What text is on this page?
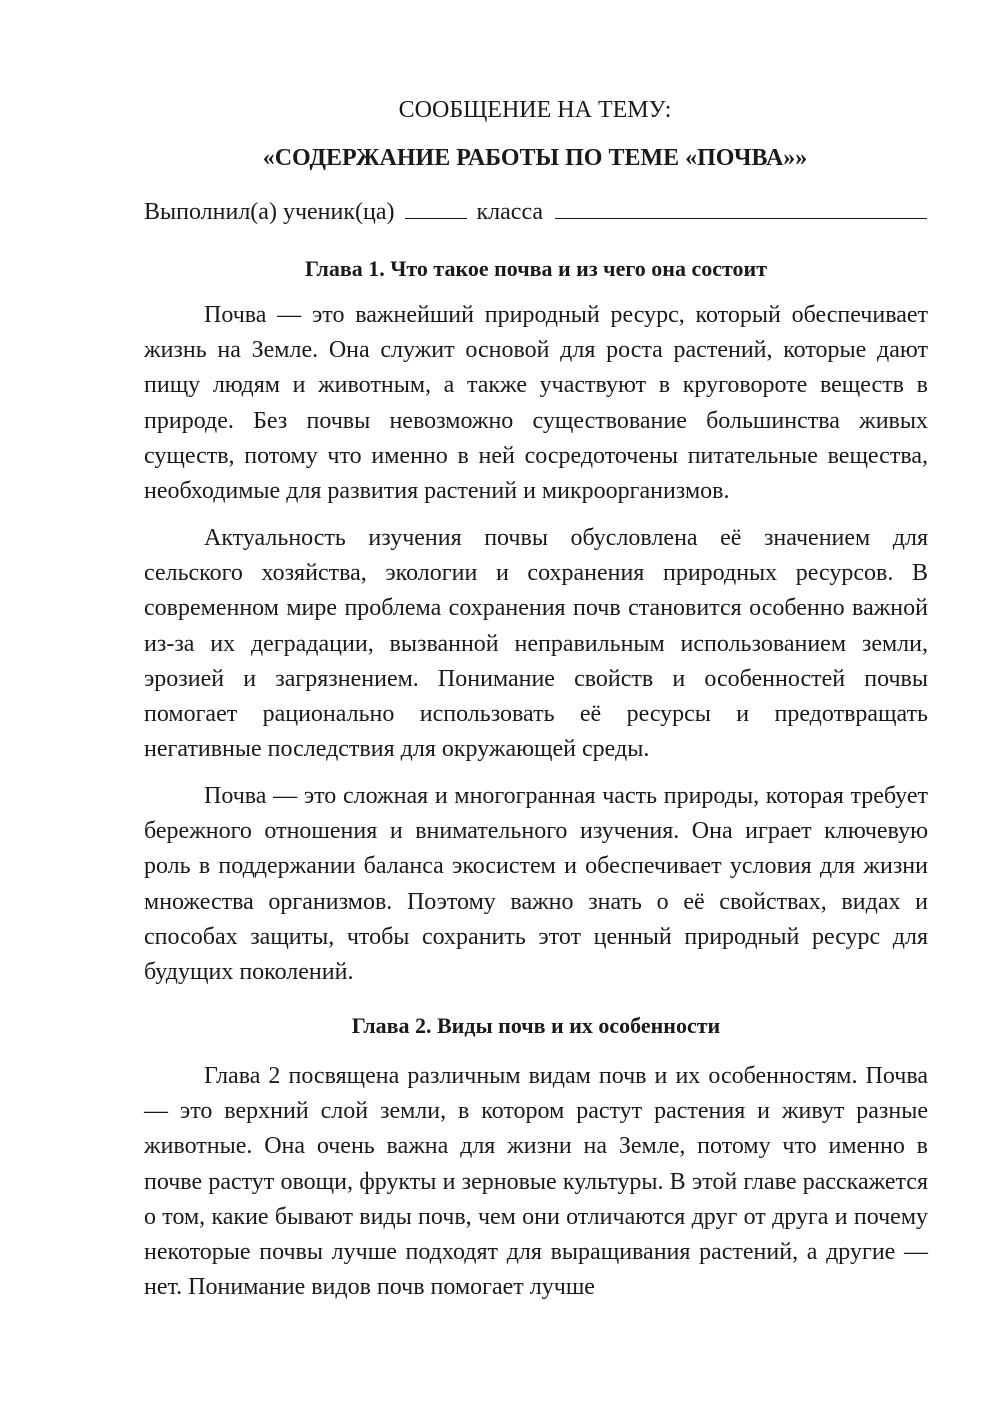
СООБЩЕНИЕ НА ТЕМУ:
«СОДЕРЖАНИЕ РАБОТЫ ПО ТЕМЕ «ПОЧВА»»
Выполнил(а) ученик(ца)	класса
Глава 1. Что такое почва и из чего она состоит

Почва — это важнейший природный ресурс, который обеспечивает жизнь на Земле. Она служит основой для роста растений, которые дают пищу людям и животным, а также участвуют в круговороте веществ в природе. Без почвы невозможно существование большинства живых существ, потому что именно в ней сосредоточены питательные вещества, необходимые для развития растений и микроорганизмов.

Актуальность изучения почвы обусловлена её значением для сельского хозяйства, экологии и сохранения природных ресурсов. В современном мире проблема сохранения почв становится особенно важной из-за их деградации, вызванной неправильным использованием земли, эрозией и загрязнением. Понимание свойств и особенностей почвы помогает рационально использовать её ресурсы и предотвращать негативные последствия для окружающей среды.

Почва — это сложная и многогранная часть природы, которая требует бережного отношения и внимательного изучения. Она играет ключевую роль в поддержании баланса экосистем и обеспечивает условия для жизни множества организмов. Поэтому важно знать о её свойствах, видах и способах защиты, чтобы сохранить этот ценный природный ресурс для будущих поколений.

Глава 2. Виды почв и их особенности

Глава 2 посвящена различным видам почв и их особенностям. Почва — это верхний слой земли, в котором растут растения и живут разные животные. Она очень важна для жизни на Земле, потому что именно в почве растут овощи, фрукты и зерновые культуры. В этой главе расскажется о том, какие бывают виды почв, чем они отличаются друг от друга и почему некоторые почвы лучше подходят для выращивания растений, а другие — нет. Понимание видов почв помогает лучше
